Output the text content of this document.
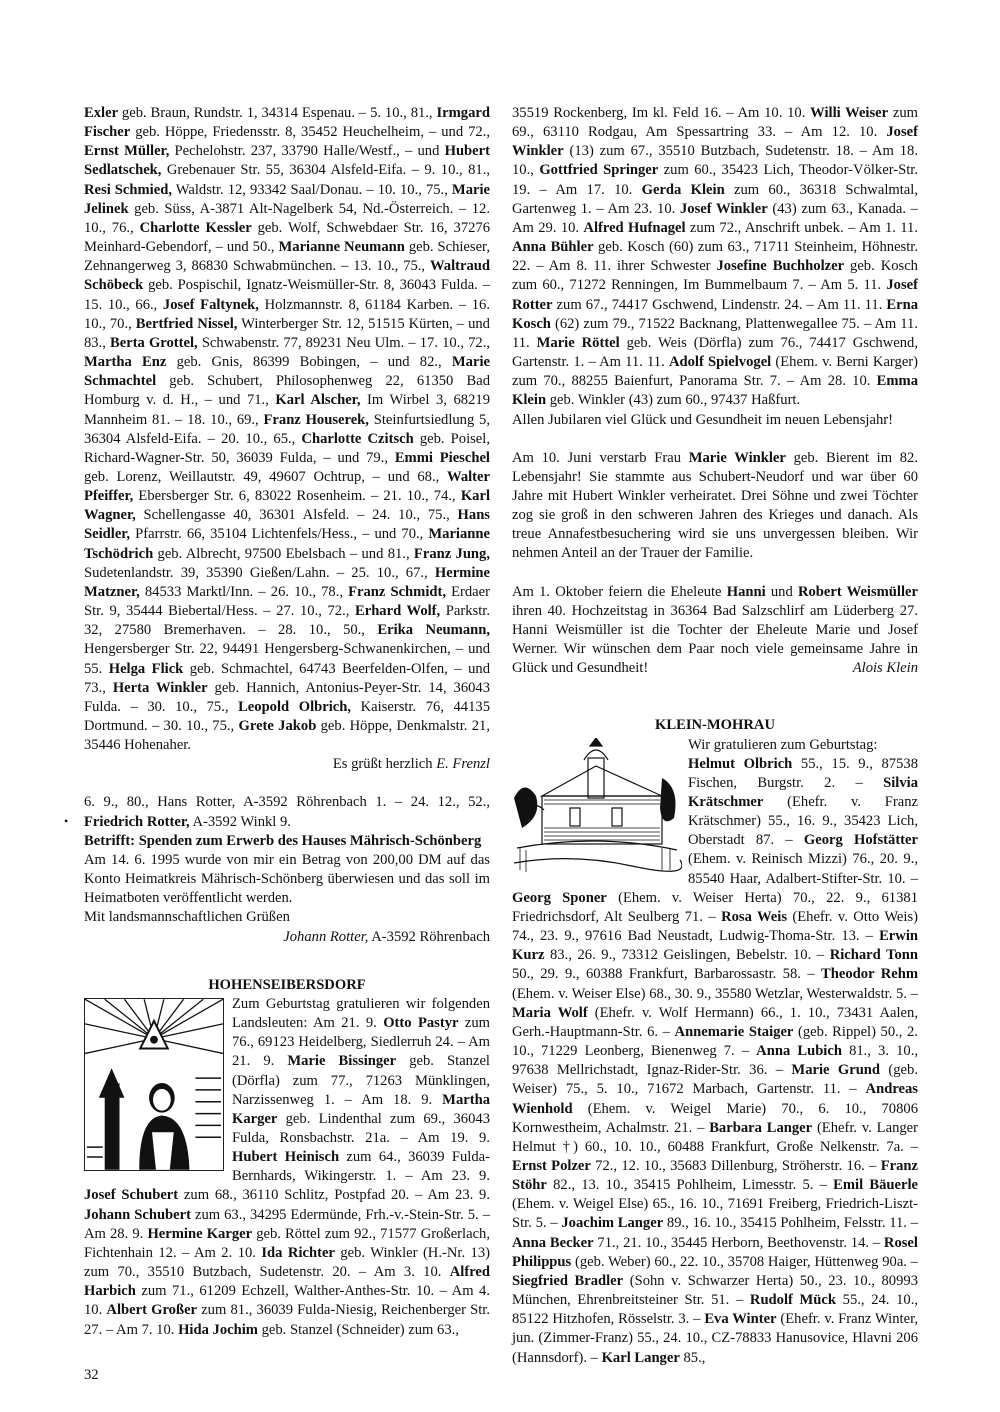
Exler geb. Braun, Rundstr. 1, 34314 Espenau. – 5. 10., 81., Irmgard Fischer geb. Höppe, Friedensstr. 8, 35452 Heuchelheim, – und 72., Ernst Müller, Pechelohstr. 237, 33790 Halle/Westf., – und Hubert Sedlatschek, Grebenauer Str. 55, 36304 Alsfeld-Eifa. – 9. 10., 81., Resi Schmied, Waldstr. 12, 93342 Saal/Donau. – 10. 10., 75., Marie Jelinek geb. Süss, A-3871 Alt-Nagelberk 54, Nd.-Österreich. – 12. 10., 76., Charlotte Kessler geb. Wolf, Schwebdaer Str. 16, 37276 Meinhard-Gebendorf, – und 50., Marianne Neumann geb. Schieser, Zehnangerweg 3, 86830 Schwabmünchen. – 13. 10., 75., Waltraud Schöbeck geb. Pospischil, Ignatz-Weismüller-Str. 8, 36043 Fulda. – 15. 10., 66., Josef Faltynek, Holzmannstr. 8, 61184 Karben. – 16. 10., 70., Bertfried Nissel, Winterberger Str. 12, 51515 Kürten, – und 83., Berta Grottel, Schwabenstr. 77, 89231 Neu Ulm. – 17. 10., 72., Martha Enz geb. Gnis, 86399 Bobingen, – und 82., Marie Schmachtel geb. Schubert, Philosophenweg 22, 61350 Bad Homburg v. d. H., – und 71., Karl Alscher, Im Wirbel 3, 68219 Mannheim 81. – 18. 10., 69., Franz Houserek, Steinfurtsiedlung 5, 36304 Alsfeld-Eifa. – 20. 10., 65., Charlotte Czitsch geb. Poisel, Richard-Wagner-Str. 50, 36039 Fulda, – und 79., Emmi Pieschel geb. Lorenz, Weillautstr. 49, 49607 Ochtrup, – und 68., Walter Pfeiffer, Ebersberger Str. 6, 83022 Rosenheim. – 21. 10., 74., Karl Wagner, Schellengasse 40, 36301 Alsfeld. – 24. 10., 75., Hans Seidler, Pfarrstr. 66, 35104 Lichtenfels/Hess., – und 70., Marianne Tschödrich geb. Albrecht, 97500 Ebelsbach – und 81., Franz Jung, Sudetenlandstr. 39, 35390 Gießen/Lahn. – 25. 10., 67., Hermine Matzner, 84533 Marktl/Inn. – 26. 10., 78., Franz Schmidt, Erdaer Str. 9, 35444 Biebertal/Hess. – 27. 10., 72., Erhard Wolf, Parkstr. 32, 27580 Bremerhaven. – 28. 10., 50., Erika Neumann, Hengersberger Str. 22, 94491 Hengersberg-Schwanenkirchen, – und 55. Helga Flick geb. Schmachtel, 64743 Beerfelden-Olfen, – und 73., Herta Winkler geb. Hannich, Antonius-Peyer-Str. 14, 36043 Fulda. – 30. 10., 75., Leopold Olbrich, Kaiserstr. 76, 44135 Dortmund. – 30. 10., 75., Grete Jakob geb. Höppe, Denkmalstr. 21, 35446 Hohenaher.

Es grüßt herzlich E. Frenzl

6. 9., 80., Hans Rotter, A-3592 Röhrenbach 1. – 24. 12., 52., Friedrich Rotter, A-3592 Winkl 9.

Betrifft: Spenden zum Erwerb des Hauses Mährisch-Schönberg

Am 14. 6. 1995 wurde von mir ein Betrag von 200,00 DM auf das Konto Heimatkreis Mährisch-Schönberg überwiesen und das soll im Heimatboten veröffentlicht werden.

Mit landsmannschaftlichen Grüßen

Johann Rotter, A-3592 Röhrenbach

HOHENSEIBERSDORF

Zum Geburtstag gratulieren wir folgenden Landsleuten: Am 21. 9. Otto Pastyr zum 76., 69123 Heidelberg, Siedlerruh 24. – Am 21. 9. Marie Bissinger geb. Stanzel (Dörfla) zum 77., 71263 Münklingen, Narzissenweg 1. – Am 18. 9. Martha Karger geb. Lindenthal zum 69., 36043 Fulda, Ronsbachstr. 21a. – Am 19. 9. Hubert Heinisch zum 64., 36039 Fulda-Bernhards, Wikingerstr. 1. – Am 23. 9. Josef Schubert zum 68., 36110 Schlitz, Postpfad 20. – Am 23. 9. Johann Schubert zum 63., 34295 Edermünde, Frh.-v.-Stein-Str. 5. – Am 28. 9. Hermine Karger geb. Röttel zum 92., 71577 Großerlach, Fichtenhain 12. – Am 2. 10. Ida Richter geb. Winkler (H.-Nr. 13) zum 70., 35510 Butzbach, Sudetenstr. 20. – Am 3. 10. Alfred Harbich zum 71., 61209 Echzell, Walther-Anthes-Str. 10. – Am 4. 10. Albert Großer zum 81., 36039 Fulda-Niesig, Reichenberger Str. 27. – Am 7. 10. Hida Jochim geb. Stanzel (Schneider) zum 63.,

•

35519 Rockenberg, Im kl. Feld 16. – Am 10. 10. Willi Weiser zum 69., 63110 Rodgau, Am Spessartring 33. – Am 12. 10. Josef Winkler (13) zum 67., 35510 Butzbach, Sudetenstr. 18. – Am 18. 10., Gottfried Springer zum 60., 35423 Lich, Theodor-Völker-Str. 19. – Am 17. 10. Gerda Klein zum 60., 36318 Schwalmtal, Gartenweg 1. – Am 23. 10. Josef Winkler (43) zum 63., Kanada. – Am 29. 10. Alfred Hufnagel zum 72., Anschrift unbek. – Am 1. 11. Anna Bühler geb. Kosch (60) zum 63., 71711 Steinheim, Höhnestr. 22. – Am 8. 11. ihrer Schwester Josefine Buchholzer geb. Kosch zum 60., 71272 Renningen, Im Bummelbaum 7. – Am 5. 11. Josef Rotter zum 67., 74417 Gschwend, Lindenstr. 24. – Am 11. 11. Erna Kosch (62) zum 79., 71522 Backnang, Plattenwegallee 75. – Am 11. 11. Marie Röttel geb. Weis (Dörfla) zum 76., 74417 Gschwend, Gartenstr. 1. – Am 11. 11. Adolf Spielvogel (Ehem. v. Berni Karger) zum 70., 88255 Baienfurt, Panorama Str. 7. – Am 28. 10. Emma Klein geb. Winkler (43) zum 60., 97437 Haßfurt.

Allen Jubilaren viel Glück und Gesundheit im neuen Lebensjahr!

Am 10. Juni verstarb Frau Marie Winkler geb. Bierent im 82. Lebensjahr! Sie stammte aus Schubert-Neudorf und war über 60 Jahre mit Hubert Winkler verheiratet. Drei Söhne und zwei Töchter zog sie groß in den schweren Jahren des Krieges und danach. Als treue Annafestbesuchering wird sie uns unvergessen bleiben. Wir nehmen Anteil an der Trauer der Familie.

Am 1. Oktober feiern die Eheleute Hanni und Robert Weismüller ihren 40. Hochzeitstag in 36364 Bad Salzschlirf am Lüderberg 27. Hanni Weismüller ist die Tochter der Eheleute Marie und Josef Werner. Wir wünschen dem Paar noch viele gemeinsame Jahre in Glück und Gesundheit!	Alois Klein

KLEIN-MOHRAU

Wir gratulieren zum Geburtstag:

Helmut Olbrich 55., 15. 9., 87538 Fischen, Burgstr. 2. – Silvia Krätschmer (Ehefr. v. Franz Krätschmer) 55., 16. 9., 35423 Lich, Oberstadt 87. – Georg Hofstätter (Ehem. v. Reinisch Mizzi) 76., 20. 9., 85540 Haar, Adalbert-Stifter-Str. 10. – Georg Sponer (Ehem. v. Weiser Herta) 70., 22. 9., 61381 Friedrichsdorf, Alt Seulberg 71. – Rosa Weis (Ehefr. v. Otto Weis) 74., 23. 9., 97616 Bad Neustadt, Ludwig-Thoma-Str. 13. – Erwin Kurz 83., 26. 9., 73312 Geislingen, Bebelstr. 10. – Richard Tonn 50., 29. 9., 60388 Frankfurt, Barbarossastr. 58. – Theodor Rehm (Ehem. v. Weiser Else) 68., 30. 9., 35580 Wetzlar, Westerwaldstr. 5. – Maria Wolf (Ehefr. v. Wolf Hermann) 66., 1. 10., 73431 Aalen, Gerh.-Hauptmann-Str. 6. – Annemarie Staiger (geb. Rippel) 50., 2. 10., 71229 Leonberg, Bienenweg 7. – Anna Lubich 81., 3. 10., 97638 Mellrichstadt, Ignaz-Rider-Str. 36. – Marie Grund (geb. Weiser) 75., 5. 10., 71672 Marbach, Gartenstr. 11. – Andreas Wienhold (Ehem. v. Weigel Marie) 70., 6. 10., 70806 Kornwestheim, Achalmstr. 21. – Barbara Langer (Ehefr. v. Langer Helmut †) 60., 10. 10., 60488 Frankfurt, Große Nelkenstr. 7a. – Ernst Polzer 72., 12. 10., 35683 Dillenburg, Ströherstr. 16. – Franz Stöhr 82., 13. 10., 35415 Pohlheim, Limesstr. 5. – Emil Bäuerle (Ehem. v. Weigel Else) 65., 16. 10., 71691 Freiberg, Friedrich-Liszt-Str. 5. – Joachim Langer 89., 16. 10., 35415 Pohlheim, Felsstr. 11. – Anna Becker 71., 21. 10., 35445 Herborn, Beethovenstr. 14. – Rosel Philippus (geb. Weber) 60., 22. 10., 35708 Haiger, Hüttenweg 90a. – Siegfried Bradler (Sohn v. Schwarzer Herta) 50., 23. 10., 80993 München, Ehrenbreitsteiner Str. 51. – Rudolf Mück 55., 24. 10., 85122 Hitzhofen, Rösselstr. 3. – Eva Winter (Ehefr. v. Franz Winter, jun. (Zimmer-Franz) 55., 24. 10., CZ-78833 Hanusovice, Hlavni 206 (Hannsdorf). – Karl Langer 85.,

32
